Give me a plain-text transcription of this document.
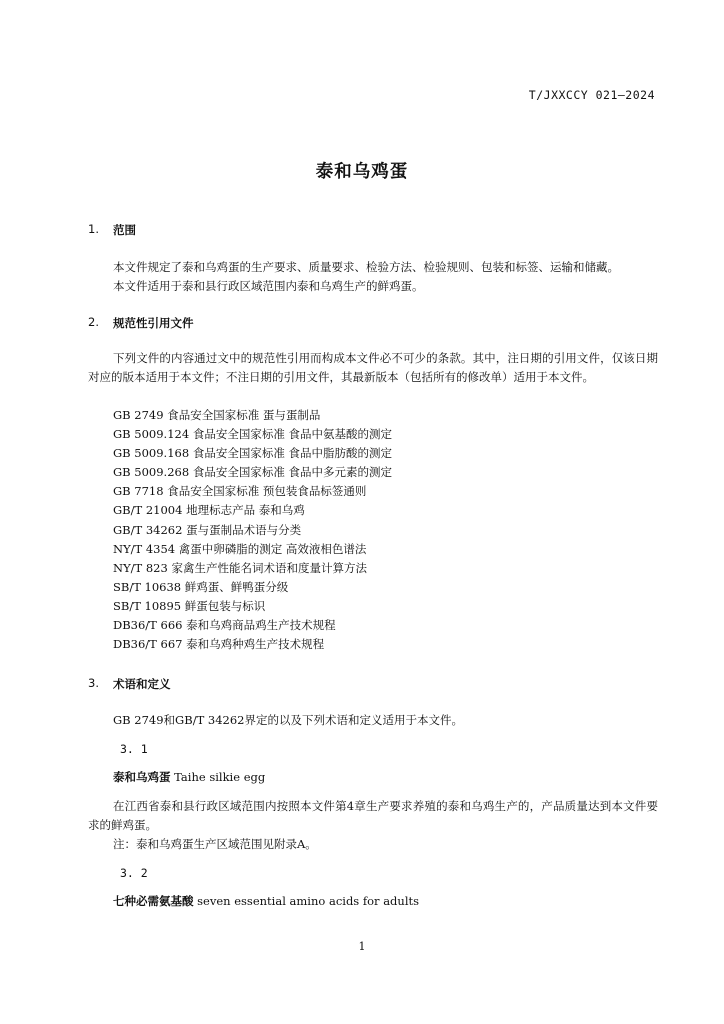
T/JXXCCY 021—2024
泰和乌鸡蛋
1. 范围
本文件规定了泰和乌鸡蛋的生产要求、质量要求、检验方法、检验规则、包装和标签、运输和储藏。
本文件适用于泰和县行政区域范围内泰和乌鸡生产的鲜鸡蛋。
2. 规范性引用文件
下列文件的内容通过文中的规范性引用而构成本文件必不可少的条款。其中，注日期的引用文件，仅该日期对应的版本适用于本文件；不注日期的引用文件，其最新版本（包括所有的修改单）适用于本文件。
GB 2749 食品安全国家标准 蛋与蛋制品
GB 5009.124 食品安全国家标准 食品中氨基酸的测定
GB 5009.168 食品安全国家标准 食品中脂肪酸的测定
GB 5009.268 食品安全国家标准 食品中多元素的测定
GB 7718 食品安全国家标准 预包装食品标签通则
GB/T 21004 地理标志产品 泰和乌鸡
GB/T 34262 蛋与蛋制品术语与分类
NY/T 4354 禽蛋中卵磷脂的测定 高效液相色谱法
NY/T 823 家禽生产性能名词术语和度量计算方法
SB/T 10638 鲜鸡蛋、鲜鸭蛋分级
SB/T 10895 鲜蛋包装与标识
DB36/T 666 泰和乌鸡商品鸡生产技术规程
DB36/T 667 泰和乌鸡种鸡生产技术规程
3. 术语和定义
GB 2749和GB/T 34262界定的以及下列术语和定义适用于本文件。
3. 1
泰和乌鸡蛋 Taihe silkie egg
在江西省泰和县行政区域范围内按照本文件第4章生产要求养殖的泰和乌鸡生产的，产品质量达到本文件要求的鲜鸡蛋。
注：泰和乌鸡蛋生产区域范围见附录A。
3. 2
七种必需氨基酸 seven essential amino acids for adults
1
